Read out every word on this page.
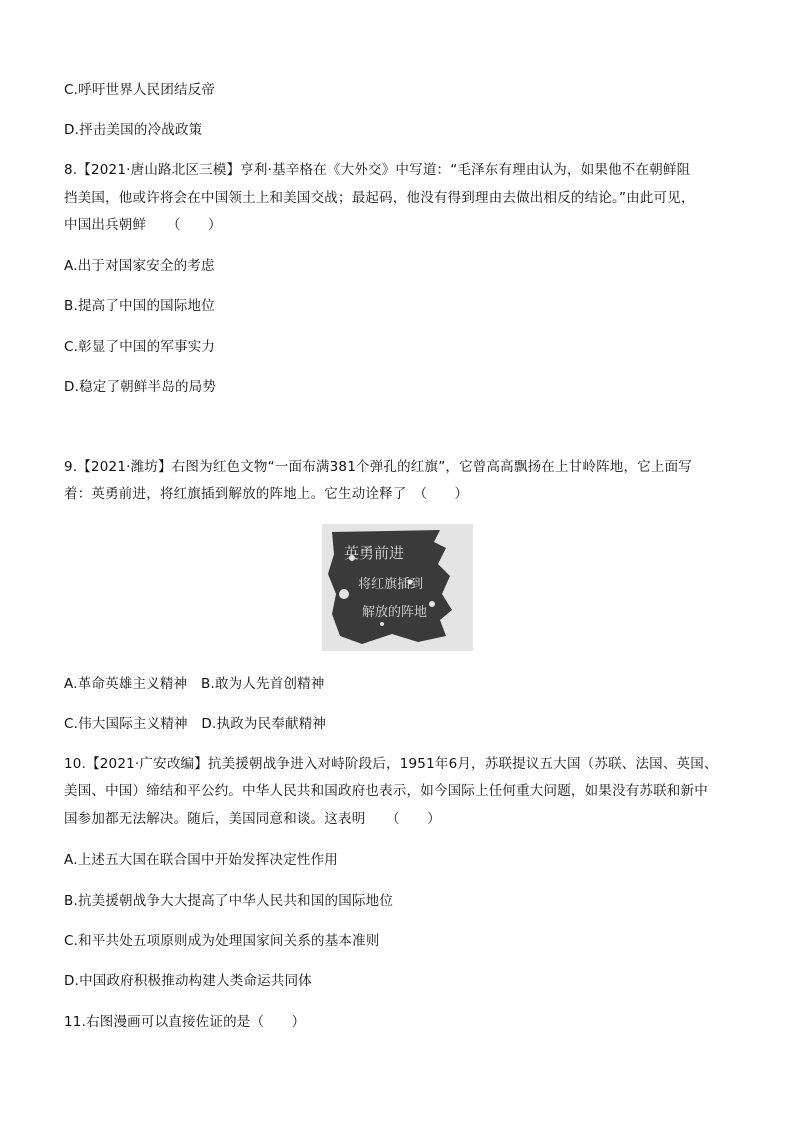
C.呼吁世界人民团结反帝
D.抨击美国的冷战政策
8.【2021·唐山路北区三模】亨利·基辛格在《大外交》中写道：“毛泽东有理由认为，如果他不在朝鲜阻
挡美国，他或许将会在中国领土上和美国交战；最起码，他没有得到理由去做出相反的结论。”由此可见，
中国出兵朝鲜　　（　　）
A.出于对国家安全的考虑
B.提高了中国的国际地位
C.彰显了中国的军事实力
D.稳定了朝鲜半岛的局势
9.【2021·潍坊】右图为红色文物“一面布满381个弹孔的红旗”，它曾高高飘扬在上甘岭阵地，它上面写
着：英勇前进，将红旗插到解放的阵地上。它生动诠释了　（　　）
英勇前进
将红旗插到
解放的阵地
A.革命英雄主义精神　B.敢为人先首创精神
C.伟大国际主义精神　D.执政为民奉献精神
10.【2021·广安改编】抗美援朝战争进入对峙阶段后，1951年6月，苏联提议五大国（苏联、法国、英国、
美国、中国）缔结和平公约。中华人民共和国政府也表示，如今国际上任何重大问题，如果没有苏联和新中
国参加都无法解决。随后，美国同意和谈。这表明　　（　　）
A.上述五大国在联合国中开始发挥决定性作用
B.抗美援朝战争大大提高了中华人民共和国的国际地位
C.和平共处五项原则成为处理国家间关系的基本准则
D.中国政府积极推动构建人类命运共同体
11.右图漫画可以直接佐证的是（　　）
